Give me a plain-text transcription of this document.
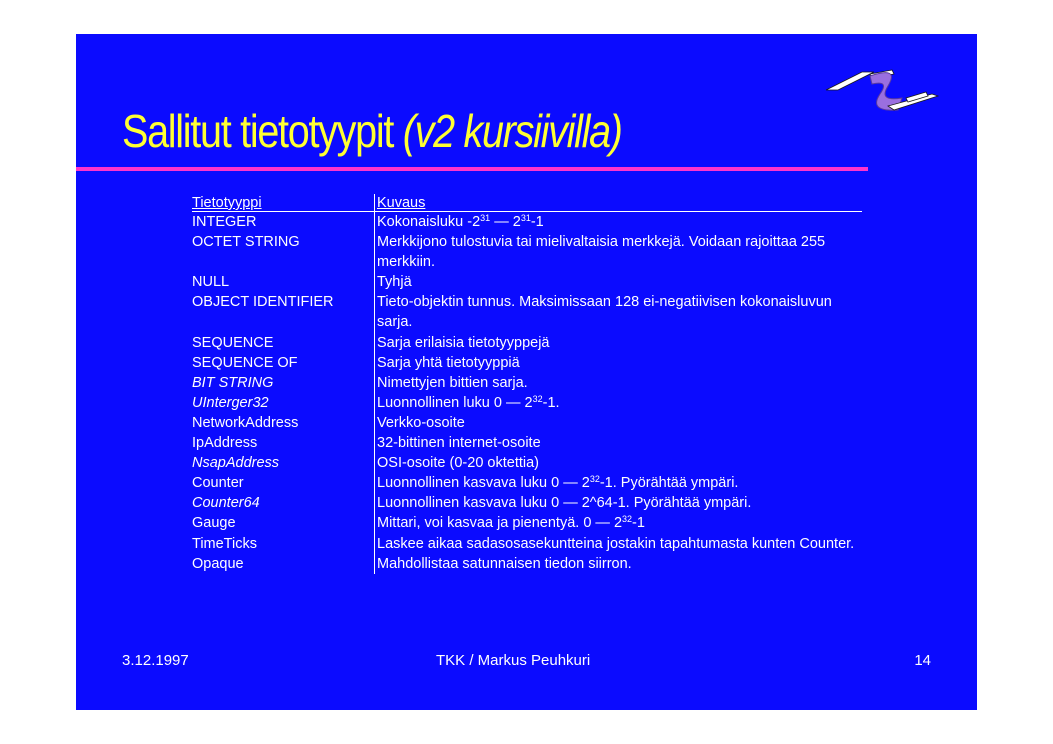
Sallitut tietotyypit (v2 kursiivilla)
Tietotyyppi	Kuvaus
INTEGER	Kokonaisluku $-2^{31}$ — $2^{31}-1$
OCTET STRING	Merkkijono tulostuvia tai mielivaltaisia merkkejä. Voidaan rajoittaa 255 merkkiin.
NULL	Tyhjä
OBJECT IDENTIFIER	Tieto-objektin tunnus. Maksimissaan 128 ei-negatiivisen kokonaisluvun sarja.
SEQUENCE	Sarja erilaisia tietotyyppejä
SEQUENCE OF	Sarja yhtä tietotyyppiä
BIT STRING	Nimettyjen bittien sarja.
UInterger32	Luonnollinen luku 0 — $2^{32}-1$.
NetworkAddress	Verkko-osoite
IpAddress	32-bittinen internet-osoite
NsapAddress	OSI-osoite (0-20 oktettia)
Counter	Luonnollinen kasvava luku 0 — $2^{32}-1$. Pyörähtää ympäri.
Counter64	Luonnollinen kasvava luku 0 — 2^64-1. Pyörähtää ympäri.
Gauge	Mittari, voi kasvaa ja pienentyä. 0 — $2^{32}-1$
TimeTicks	Laskee aikaa sadasosasekuntteina jostakin tapahtumasta kunten Counter.
Opaque	Mahdollistaa satunnaisen tiedon siirron.
3.12.1997	TKK / Markus Peuhkuri	14
